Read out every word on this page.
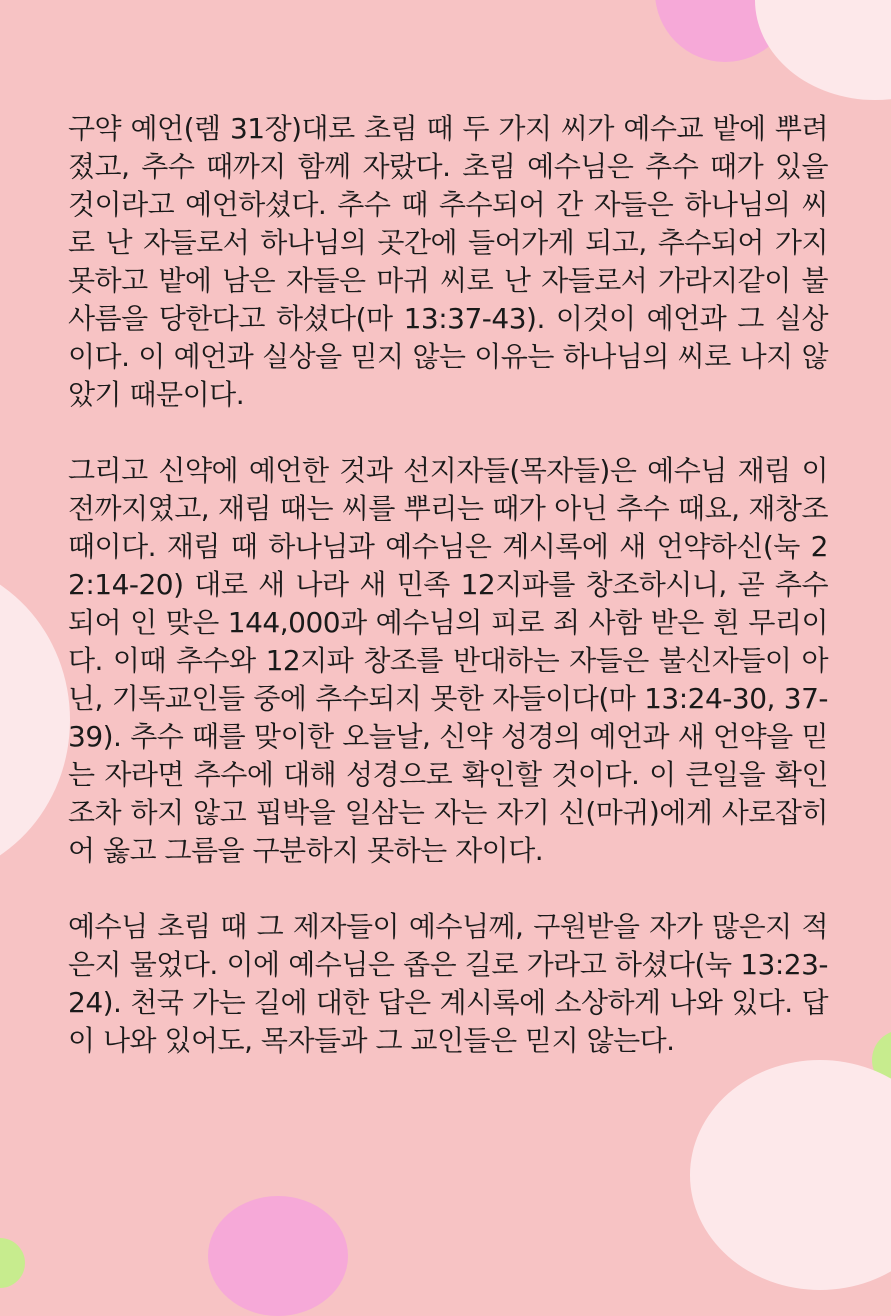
구약 예언(렘 31장)대로 초림 때 두 가지 씨가 예수교 밭에 뿌려졌고, 추수 때까지 함께 자랐다. 초림 예수님은 추수 때가 있을 것이라고 예언하셨다. 추수 때 추수되어 간 자들은 하나님의 씨로 난 자들로서 하나님의 곳간에 들어가게 되고, 추수되어 가지 못하고 밭에 남은 자들은 마귀 씨로 난 자들로서 가라지같이 불사름을 당한다고 하셨다(마 13:37-43). 이것이 예언과 그 실상이다. 이 예언과 실상을 믿지 않는 이유는 하나님의 씨로 나지 않았기 때문이다.

그리고 신약에 예언한 것과 선지자들(목자들)은 예수님 재림 이전까지였고, 재림 때는 씨를 뿌리는 때가 아닌 추수 때요, 재창조 때이다. 재림 때 하나님과 예수님은 계시록에 새 언약하신(눅 22:14-20) 대로 새 나라 새 민족 12지파를 창조하시니, 곧 추수되어 인 맞은 144,000과 예수님의 피로 죄 사함 받은 흰 무리이다. 이때 추수와 12지파 창조를 반대하는 자들은 불신자들이 아닌, 기독교인들 중에 추수되지 못한 자들이다(마 13:24-30, 37-39). 추수 때를 맞이한 오늘날, 신약 성경의 예언과 새 언약을 믿는 자라면 추수에 대해 성경으로 확인할 것이다. 이 큰일을 확인조차 하지 않고 핍박을 일삼는 자는 자기 신(마귀)에게 사로잡히어 옳고 그름을 구분하지 못하는 자이다.

예수님 초림 때 그 제자들이 예수님께, 구원받을 자가 많은지 적은지 물었다. 이에 예수님은 좁은 길로 가라고 하셨다(눅 13:23-24). 천국 가는 길에 대한 답은 계시록에 소상하게 나와 있다. 답이 나와 있어도, 목자들과 그 교인들은 믿지 않는다.
